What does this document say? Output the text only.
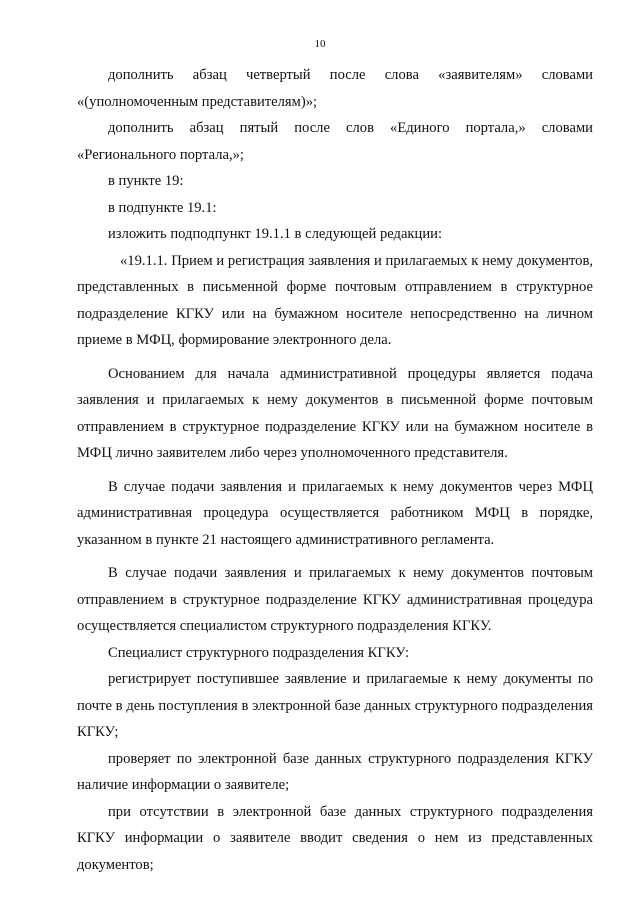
10

дополнить абзац четвертый после слова «заявителям» словами «(уполномоченным представителям)»;

дополнить абзац пятый после слов «Единого портала,» словами «Регионального портала,»;

в пункте 19:

в подпункте 19.1:

изложить подподпункт 19.1.1 в следующей редакции:

«19.1.1. Прием и регистрация заявления и прилагаемых к нему документов, представленных в письменной форме почтовым отправлением в структурное подразделение КГКУ или на бумажном носителе непосредственно на личном приеме в МФЦ, формирование электронного дела.

Основанием для начала административной процедуры является подача заявления и прилагаемых к нему документов в письменной форме почтовым отправлением в структурное подразделение КГКУ или на бумажном носителе в МФЦ лично заявителем либо через уполномоченного представителя.

В случае подачи заявления и прилагаемых к нему документов через МФЦ административная процедура осуществляется работником МФЦ в порядке, указанном в пункте 21 настоящего административного регламента.

В случае подачи заявления и прилагаемых к нему документов почтовым отправлением в структурное подразделение КГКУ административная процедура осуществляется специалистом структурного подразделения КГКУ.

Специалист структурного подразделения КГКУ:

регистрирует поступившее заявление и прилагаемые к нему документы по почте в день поступления в электронной базе данных структурного подразделения КГКУ;

проверяет по электронной базе данных структурного подразделения КГКУ наличие информации о заявителе;

при отсутствии в электронной базе данных структурного подразделения КГКУ информации о заявителе вводит сведения о нем из представленных документов;
